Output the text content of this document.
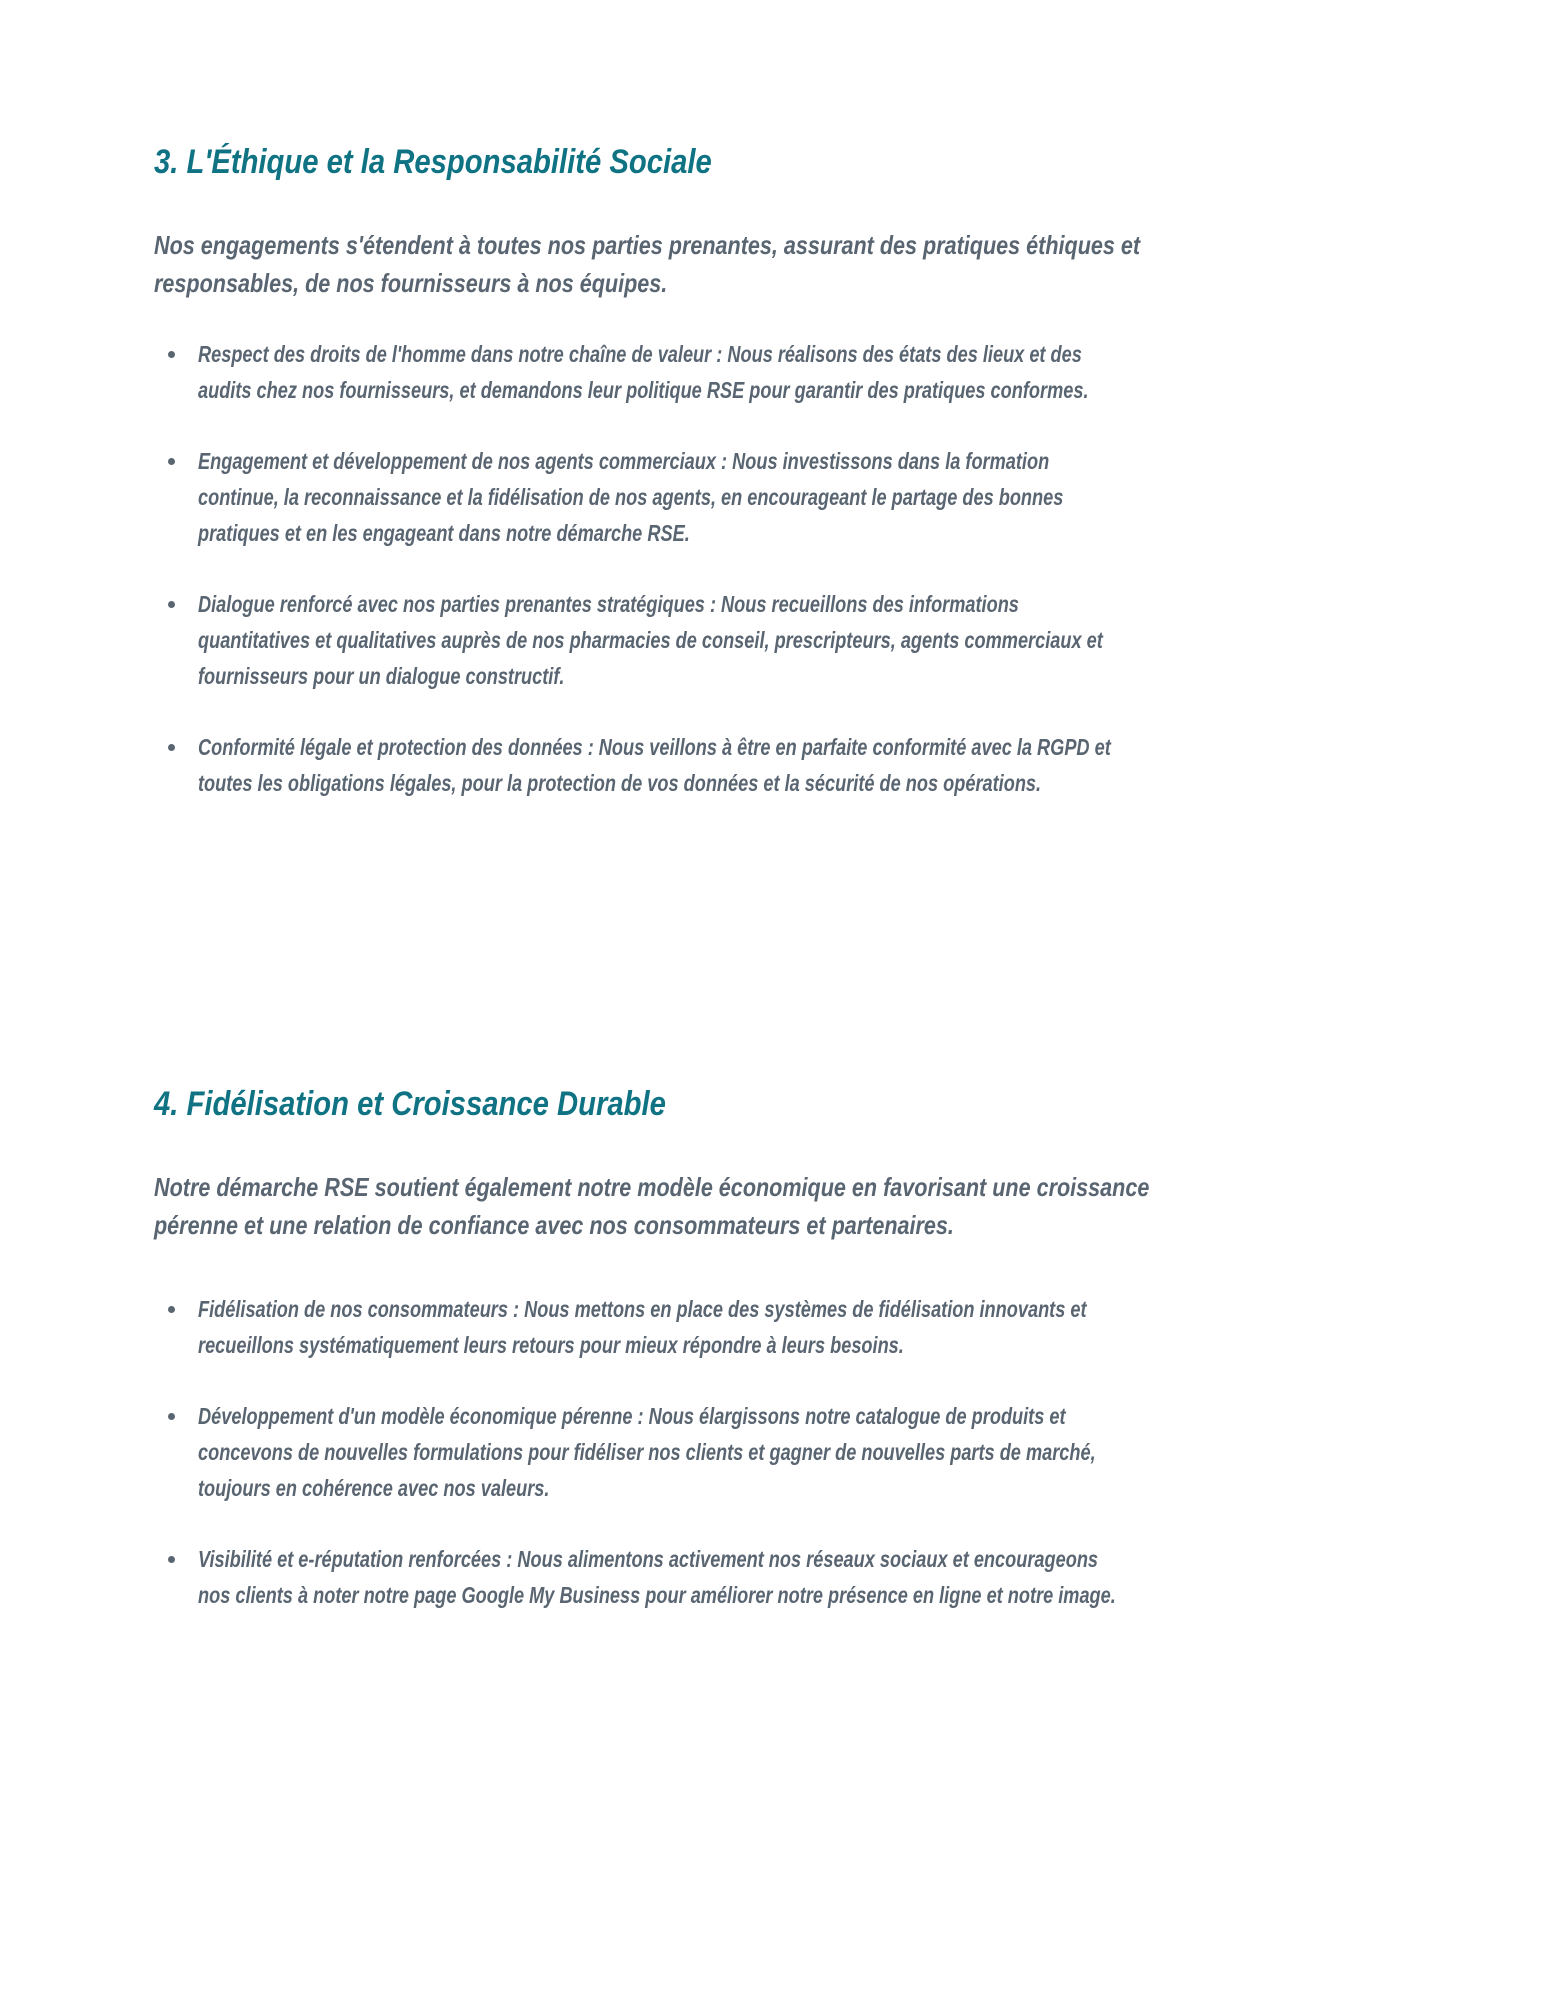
3. L'Éthique et la Responsabilité Sociale

Nos engagements s'étendent à toutes nos parties prenantes, assurant des pratiques éthiques et responsables, de nos fournisseurs à nos équipes.

Respect des droits de l'homme dans notre chaîne de valeur : Nous réalisons des états des lieux et des audits chez nos fournisseurs, et demandons leur politique RSE pour garantir des pratiques conformes.
Engagement et développement de nos agents commerciaux : Nous investissons dans la formation continue, la reconnaissance et la fidélisation de nos agents, en encourageant le partage des bonnes pratiques et en les engageant dans notre démarche RSE.
Dialogue renforcé avec nos parties prenantes stratégiques : Nous recueillons des informations quantitatives et qualitatives auprès de nos pharmacies de conseil, prescripteurs, agents commerciaux et fournisseurs pour un dialogue constructif.
Conformité légale et protection des données : Nous veillons à être en parfaite conformité avec la RGPD et toutes les obligations légales, pour la protection de vos données et la sécurité de nos opérations.
4. Fidélisation et Croissance Durable

Notre démarche RSE soutient également notre modèle économique en favorisant une croissance pérenne et une relation de confiance avec nos consommateurs et partenaires.

Fidélisation de nos consommateurs : Nous mettons en place des systèmes de fidélisation innovants et recueillons systématiquement leurs retours pour mieux répondre à leurs besoins.
Développement d'un modèle économique pérenne : Nous élargissons notre catalogue de produits et concevons de nouvelles formulations pour fidéliser nos clients et gagner de nouvelles parts de marché, toujours en cohérence avec nos valeurs.
Visibilité et e-réputation renforcées : Nous alimentons activement nos réseaux sociaux et encourageons nos clients à noter notre page Google My Business pour améliorer notre présence en ligne et notre image.
